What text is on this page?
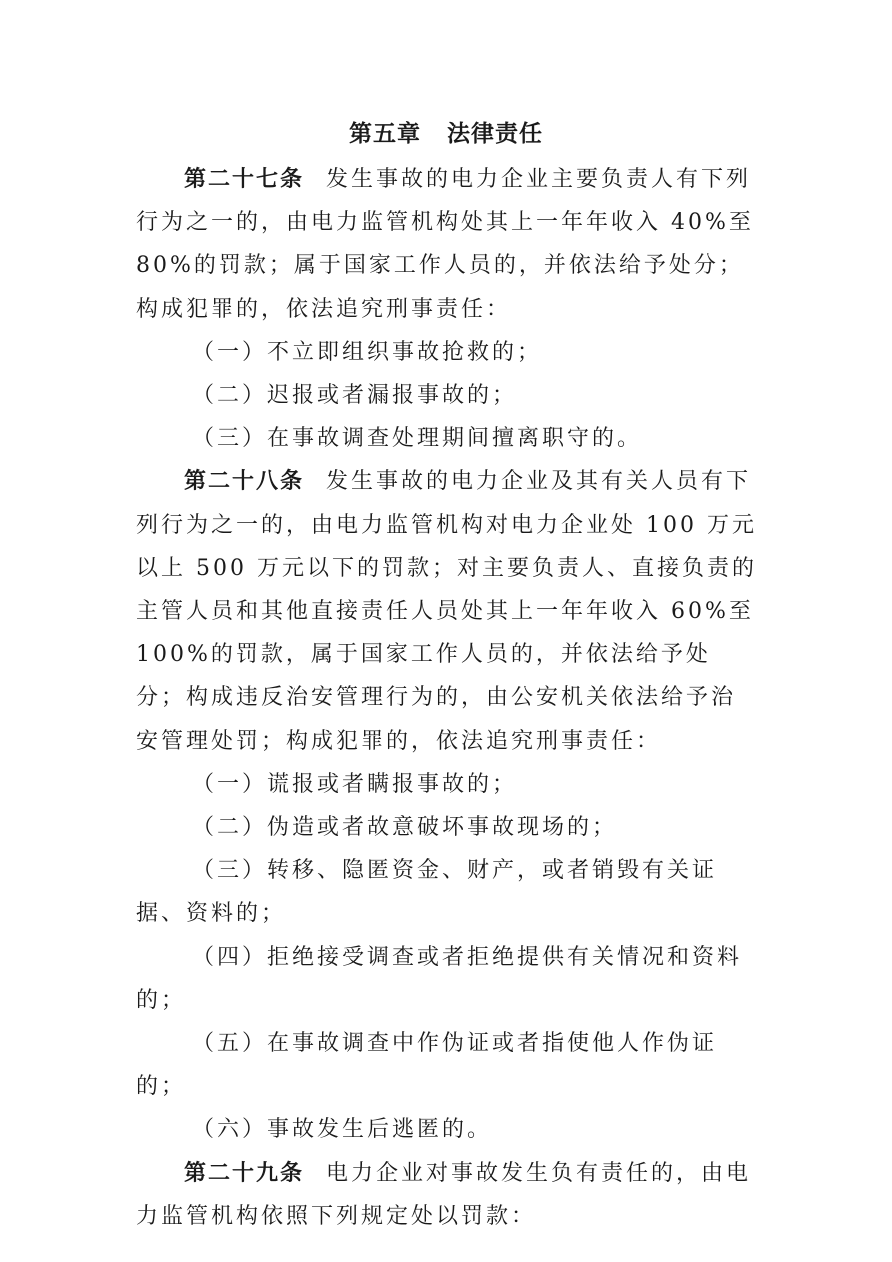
第五章 法律责任

第二十七条 发生事故的电力企业主要负责人有下列行为之一的，由电力监管机构处其上一年年收入 40%至 80%的罚款；属于国家工作人员的，并依法给予处分；构成犯罪的，依法追究刑事责任：

（一）不立即组织事故抢救的；

（二）迟报或者漏报事故的；

（三）在事故调查处理期间擅离职守的。

第二十八条 发生事故的电力企业及其有关人员有下列行为之一的，由电力监管机构对电力企业处 100 万元以上 500 万元以下的罚款；对主要负责人、直接负责的主管人员和其他直接责任人员处其上一年年收入 60%至 100%的罚款，属于国家工作人员的，并依法给予处分；构成违反治安管理行为的，由公安机关依法给予治安管理处罚；构成犯罪的，依法追究刑事责任：

（一）谎报或者瞒报事故的；

（二）伪造或者故意破坏事故现场的；

（三）转移、隐匿资金、财产，或者销毁有关证据、资料的；

（四）拒绝接受调查或者拒绝提供有关情况和资料的；

（五）在事故调查中作伪证或者指使他人作伪证的；

（六）事故发生后逃匿的。

第二十九条 电力企业对事故发生负有责任的，由电力监管机构依照下列规定处以罚款：
